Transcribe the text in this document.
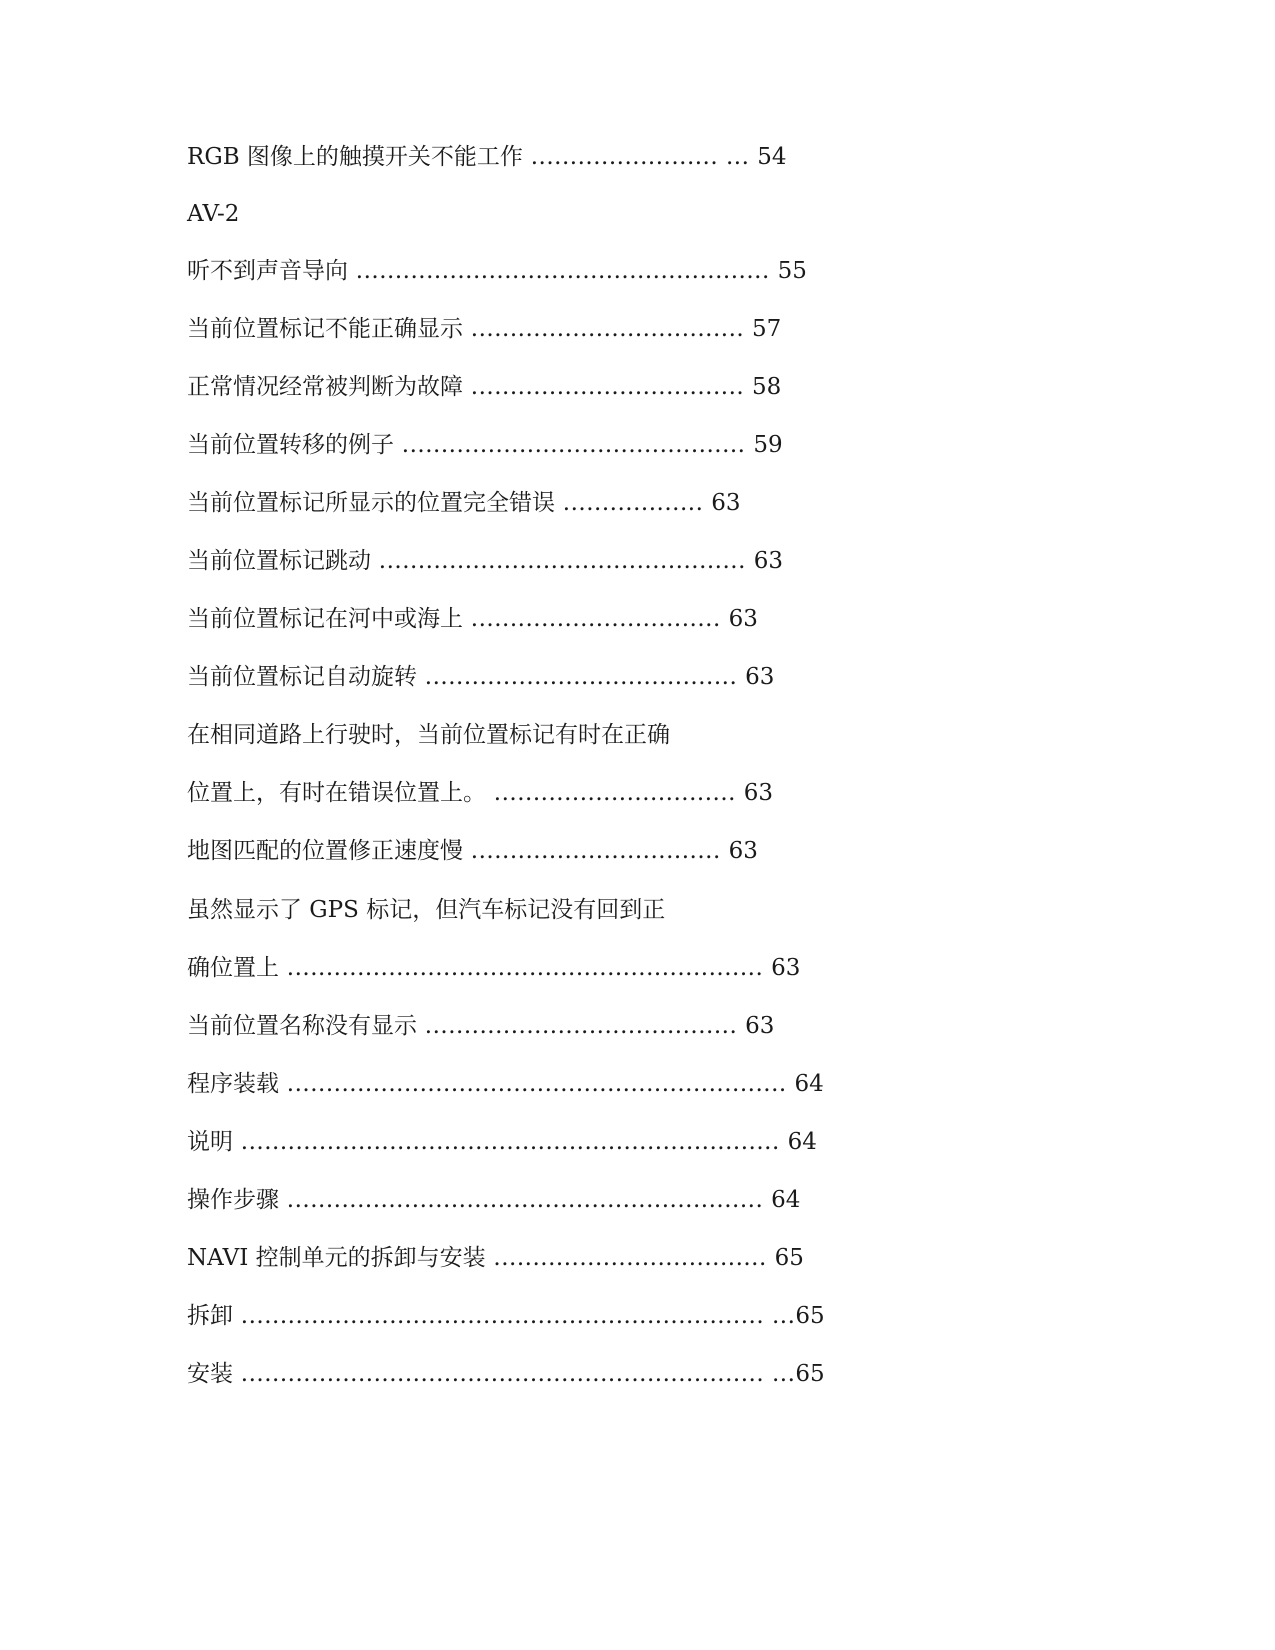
RGB 图像上的触摸开关不能工作 ........................ ... 54
AV-2
听不到声音导向 ..................................................... 55
当前位置标记不能正确显示 ................................... 57
正常情况经常被判断为故障 ................................... 58
当前位置转移的例子 ............................................ 59
当前位置标记所显示的位置完全错误 .................. 63
当前位置标记跳动 ............................................... 63
当前位置标记在河中或海上 ................................ 63
当前位置标记自动旋转 ........................................ 63
在相同道路上行驶时，当前位置标记有时在正确
位置上，有时在错误位置上。 ............................... 63
地图匹配的位置修正速度慢 ................................ 63
虽然显示了 GPS 标记，但汽车标记没有回到正
确位置上 ............................................................. 63
当前位置名称没有显示 ........................................ 63
程序装载 ................................................................ 64
说明 ..................................................................... 64
操作步骤 ............................................................. 64
NAVI 控制单元的拆卸与安装 ................................... 65
拆卸 ................................................................... ...65
安装 ................................................................... ...65
